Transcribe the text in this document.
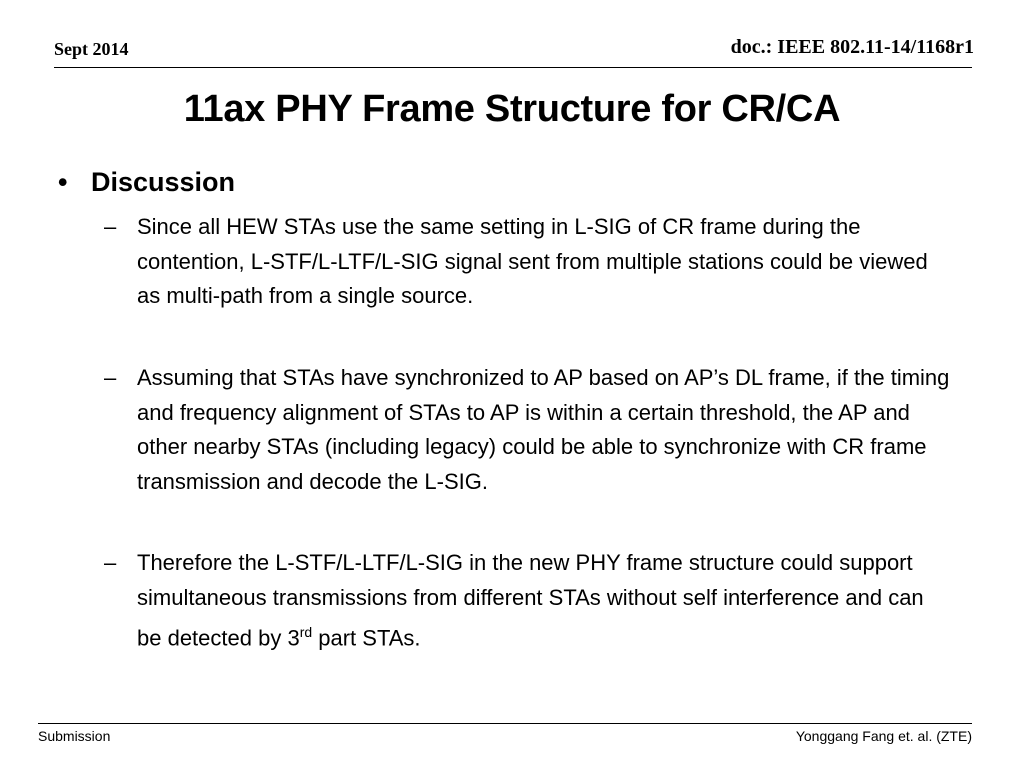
Sept 2014	doc.: IEEE 802.11-14/1168r1
11ax PHY Frame Structure for CR/CA
• Discussion
– Since all HEW STAs use the same setting in L-SIG of CR frame during the contention, L-STF/L-LTF/L-SIG signal sent from multiple stations could be viewed as multi-path from a single source.
– Assuming that STAs have synchronized to AP based on AP’s DL frame, if the timing and frequency alignment of STAs to AP is within a certain threshold, the AP and other nearby STAs (including legacy) could be able to synchronize with CR frame transmission and decode the L-SIG.
– Therefore the L-STF/L-LTF/L-SIG in the new PHY frame structure could support simultaneous transmissions from different STAs without self interference and can be detected by 3rd part STAs.
Submission	Yonggang Fang et. al. (ZTE)
